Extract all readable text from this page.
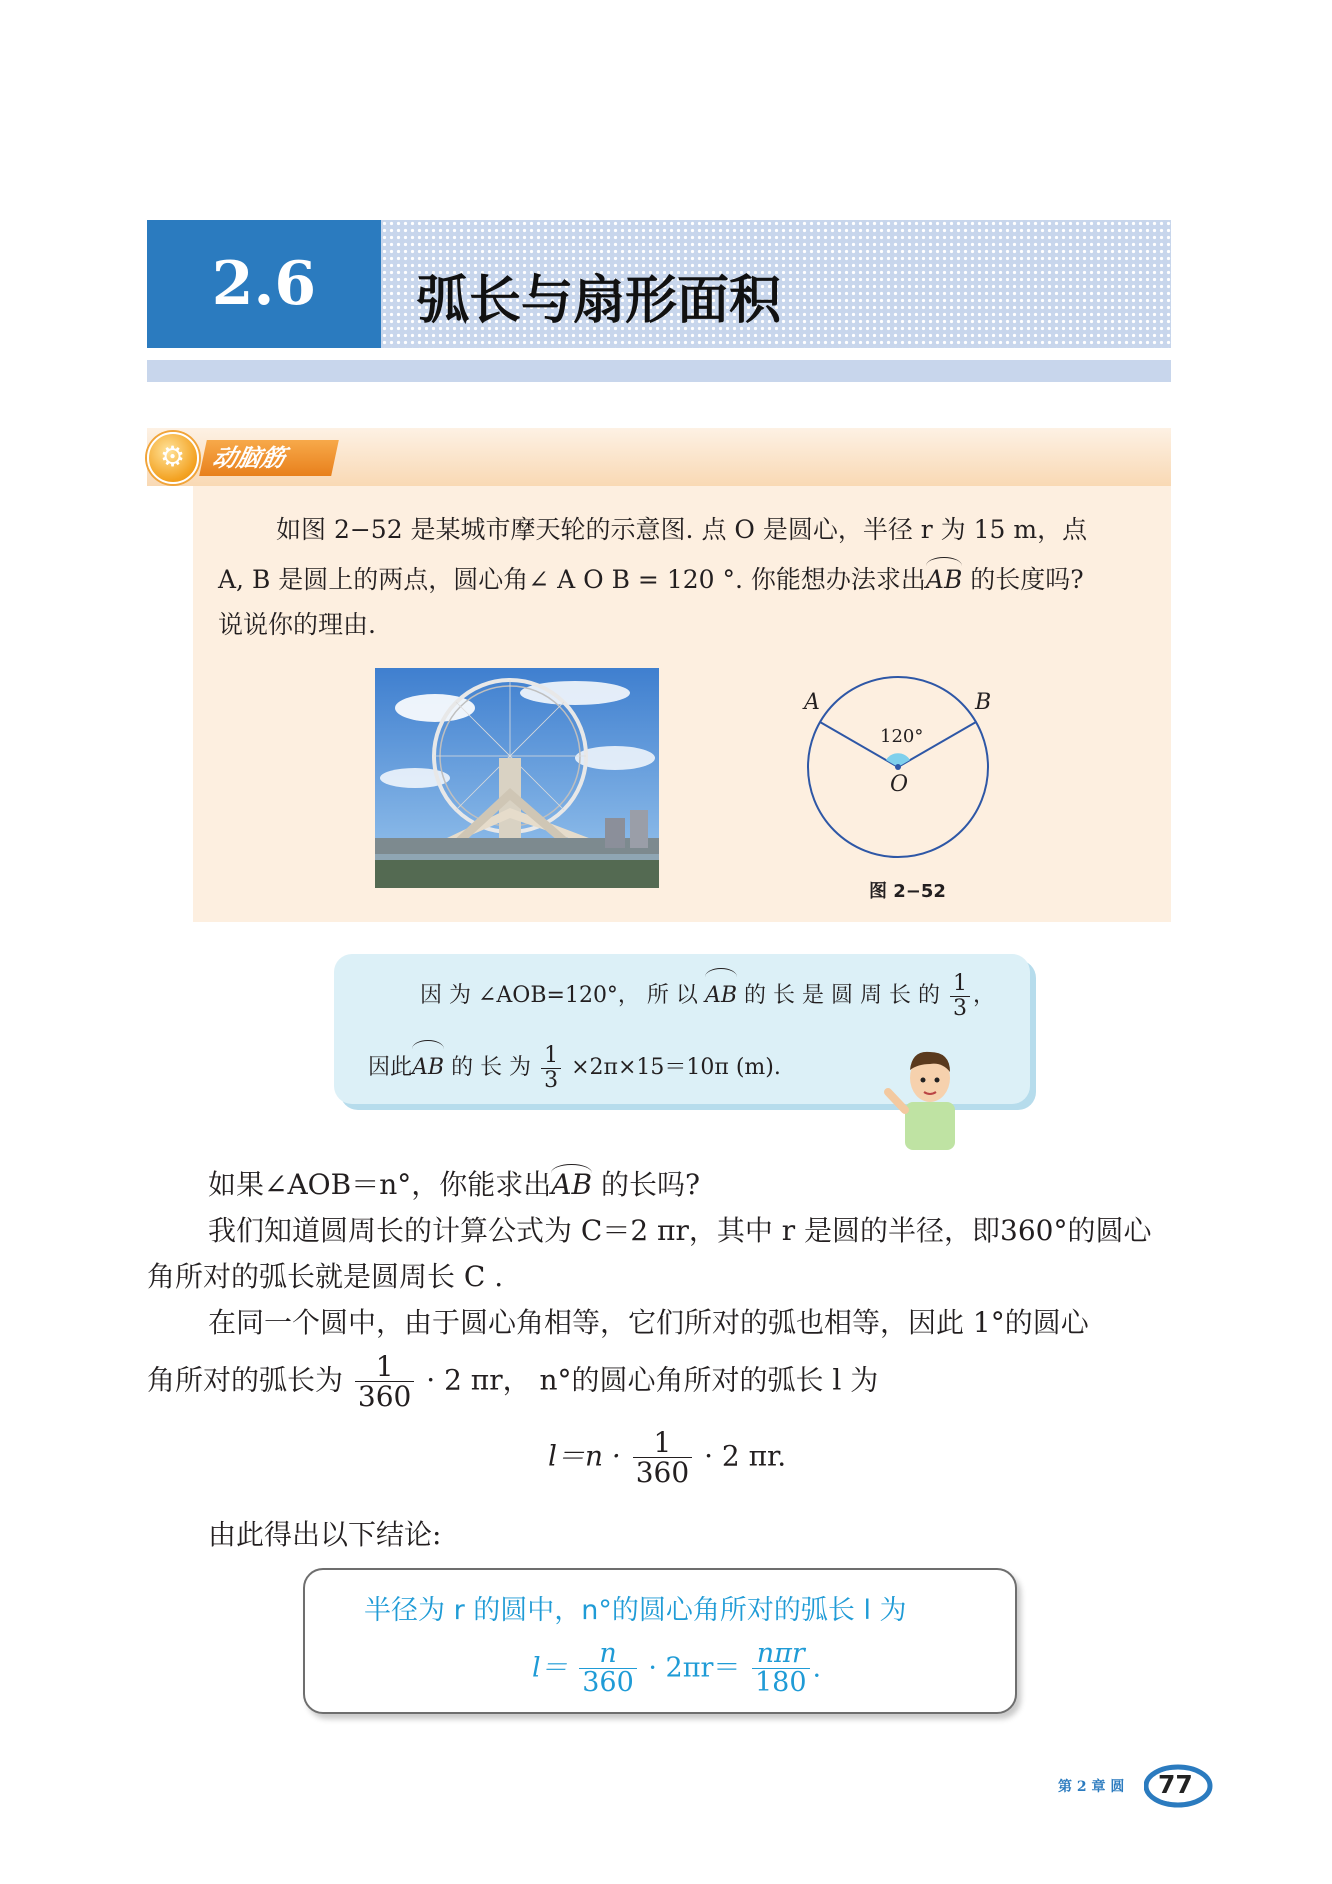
2.6	弧长与扇形面积
⚙
动脑筋
如图 2−52 是某城市摩天轮的示意图. 点 O 是圆心，半径 r 为 15 m，点
A, B 是圆上的两点，圆心角∠ A O B = 120 °. 你能想办法求出AB 的长度吗?
说说你的理由.
A	B
120°
O
图 2−52
因 为 ∠AOB=120°， 所 以 AB 的 长 是 圆 周 长 的 $\frac{1}{3}$ ，
因此AB 的 长 为 $\frac{1}{3} \times 2\pi\times 15=10\pi$ (m).
如果∠AOB＝n°，你能求出AB 的长吗?
我们知道圆周长的计算公式为 C＝2 πr，其中 r 是圆的半径，即360°的圆心
角所对的弧长就是圆周长 C .
在同一个圆中，由于圆心角相等，它们所对的弧也相等，因此 1°的圆心
角所对的弧长为 $\frac{1}{360} \cdot 2$ πr， n°的圆心角所对的弧长 l 为
$l=n \cdot \frac{1}{360} \cdot 2$ πr.
由此得出以下结论:
半径为 r 的圆中，n°的圆心角所对的弧长 l 为
$l= \frac{n}{360} \cdot 2\pi r= \frac{\text{nπr}}{180}$ .
第 2 章 圆 77
